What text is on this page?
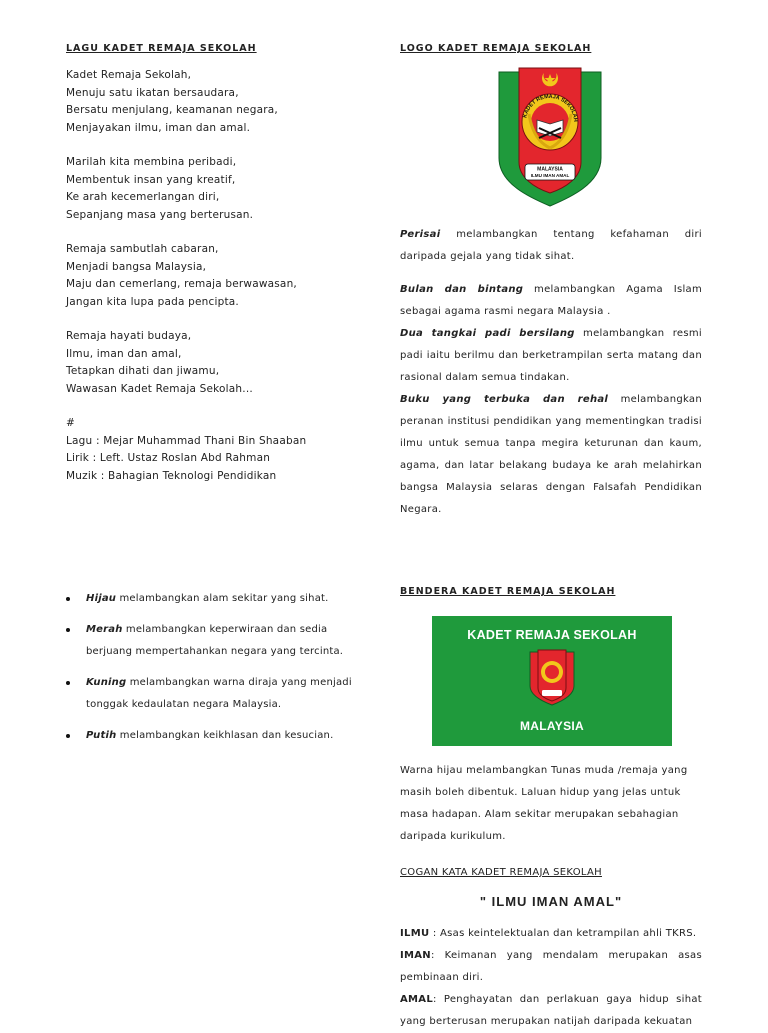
LAGU KADET REMAJA SEKOLAH

Kadet Remaja Sekolah,
Menuju satu ikatan bersaudara,
Bersatu menjulang, keamanan negara,
Menjayakan ilmu, iman dan amal.

Marilah kita membina peribadi,
Membentuk insan yang kreatif,
Ke arah kecemerlangan diri,
Sepanjang masa yang berterusan.

Remaja sambutlah cabaran,
Menjadi bangsa Malaysia,
Maju dan cemerlang, remaja berwawasan,
Jangan kita lupa pada pencipta.

Remaja hayati budaya,
Ilmu, iman dan amal,
Tetapkan dihati dan jiwamu,
Wawasan Kadet Remaja Sekolah...

#
Lagu : Mejar Muhammad Thani Bin Shaaban
Lirik : Left. Ustaz Roslan Abd Rahman
Muzik : Bahagian Teknologi Pendidikan

Hijau melambangkan alam sekitar yang sihat.
Merah melambangkan keperwiraan dan sedia berjuang mempertahankan negara yang tercinta.
Kuning melambangkan warna diraja yang menjadi tonggak kedaulatan negara Malaysia.
Putih melambangkan keikhlasan dan kesucian.
LOGO KADET REMAJA SEKOLAH
KADET REMAJA SEKOLAH
MALAYSIA
ILMU IMAN AMAL

Perisai melambangkan tentang kefahaman diri daripada gejala yang tidak sihat.

Bulan dan bintang melambangkan Agama Islam sebagai agama rasmi negara Malaysia .

Dua tangkai padi bersilang melambangkan resmi padi iaitu berilmu dan berketrampilan serta matang dan rasional dalam semua tindakan.

Buku yang terbuka dan rehal melambangkan peranan institusi pendidikan yang mementingkan tradisi ilmu untuk semua tanpa megira keturunan dan kaum, agama, dan latar belakang budaya ke arah melahirkan bangsa Malaysia selaras dengan Falsafah Pendidikan Negara.

BENDERA KADET REMAJA SEKOLAH
KADET REMAJA SEKOLAH
MALAYSIA
Warna hijau melambangkan Tunas muda /remaja yang masih boleh dibentuk. Laluan hidup yang jelas untuk masa hadapan. Alam sekitar merupakan sebahagian daripada kurikulum.
COGAN KATA KADET REMAJA SEKOLAH
" ILMU IMAN AMAL"

ILMU : Asas keintelektualan dan ketrampilan ahli TKRS.

IMAN: Keimanan yang mendalam merupakan asas pembinaan diri.

AMAL: Penghayatan dan perlakuan gaya hidup sihat yang berterusan merupakan natijah daripada kekuatan
